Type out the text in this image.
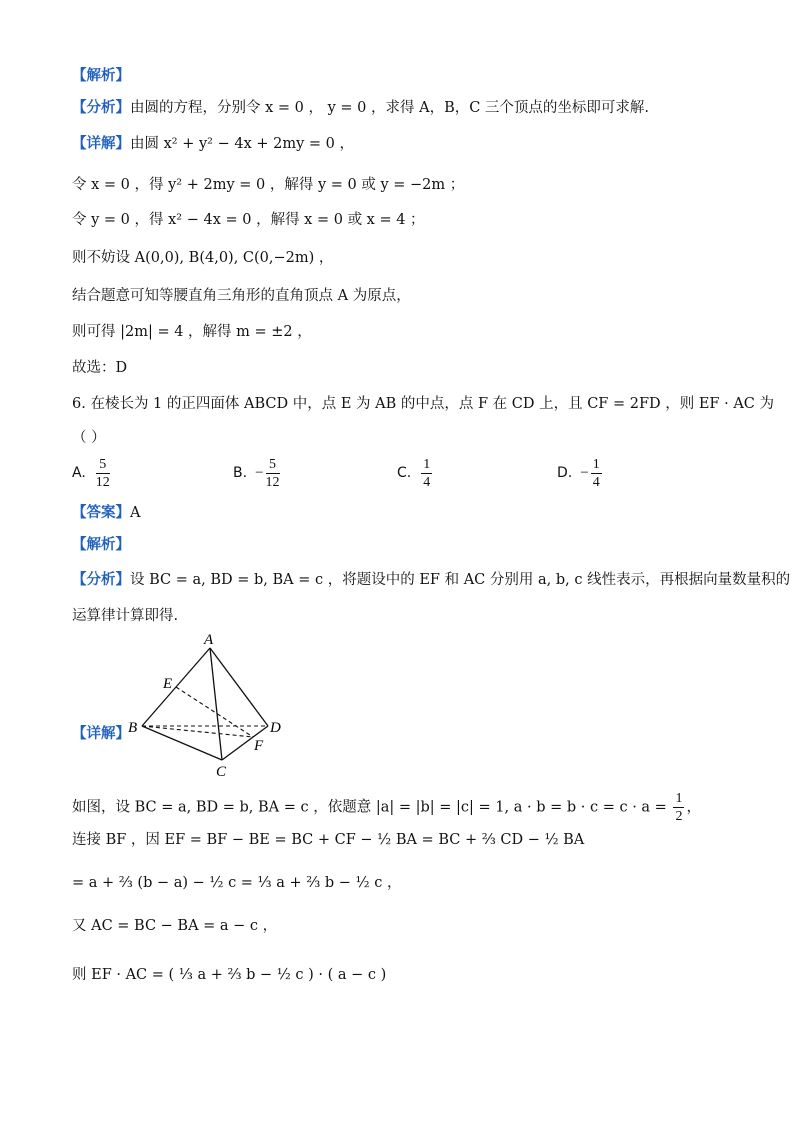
【解析】
【分析】由圆的方程，分别令 x = 0 ， y = 0 ，求得 A，B，C 三个顶点的坐标即可求解.
【详解】由圆 x² + y² − 4x + 2my = 0 ，
令 x = 0 ，得 y² + 2my = 0 ，解得 y = 0 或 y = −2m ；
令 y = 0 ，得 x² − 4x = 0 ，解得 x = 0 或 x = 4 ；
则不妨设 A(0,0), B(4,0), C(0,−2m) ，
结合题意可知等腰直角三角形的直角顶点 A 为原点，
则可得 |2m| = 4 ，解得 m = ±2 ，
故选：D
6. 在棱长为 1 的正四面体 ABCD 中，点 E 为 AB 的中点，点 F 在 CD 上，且 CF = 2FD ，则 EF · AC 为
（ ）
A. $\frac{5}{12}$	B. − $\frac{5}{12}$	C. $\frac{1}{4}$	D. − $\frac{1}{4}$
【答案】A
【解析】
【分析】设 BC = a, BD = b, BA = c ，将题设中的 EF 和 AC 分别用 a, b, c 线性表示，再根据向量数量积的
运算律计算即得.
A
B
C
D
E
F
【详解】
如图，设 BC = a, BD = b, BA = c ，依题意 |a| = |b| = |c| = 1, $a \cdot b = b \cdot c = c \cdot a = \frac{1}{2}$ ，
连接 BF ，因 EF = BF − BE = BC + CF − ½ BA = BC + ⅔ CD − ½ BA
= a + ⅔ (b − a) − ½ c = ⅓ a + ⅔ b − ½ c ，
又 AC = BC − BA = a − c ，
则 EF · AC = ( ⅓ a + ⅔ b − ½ c ) · ( a − c )
